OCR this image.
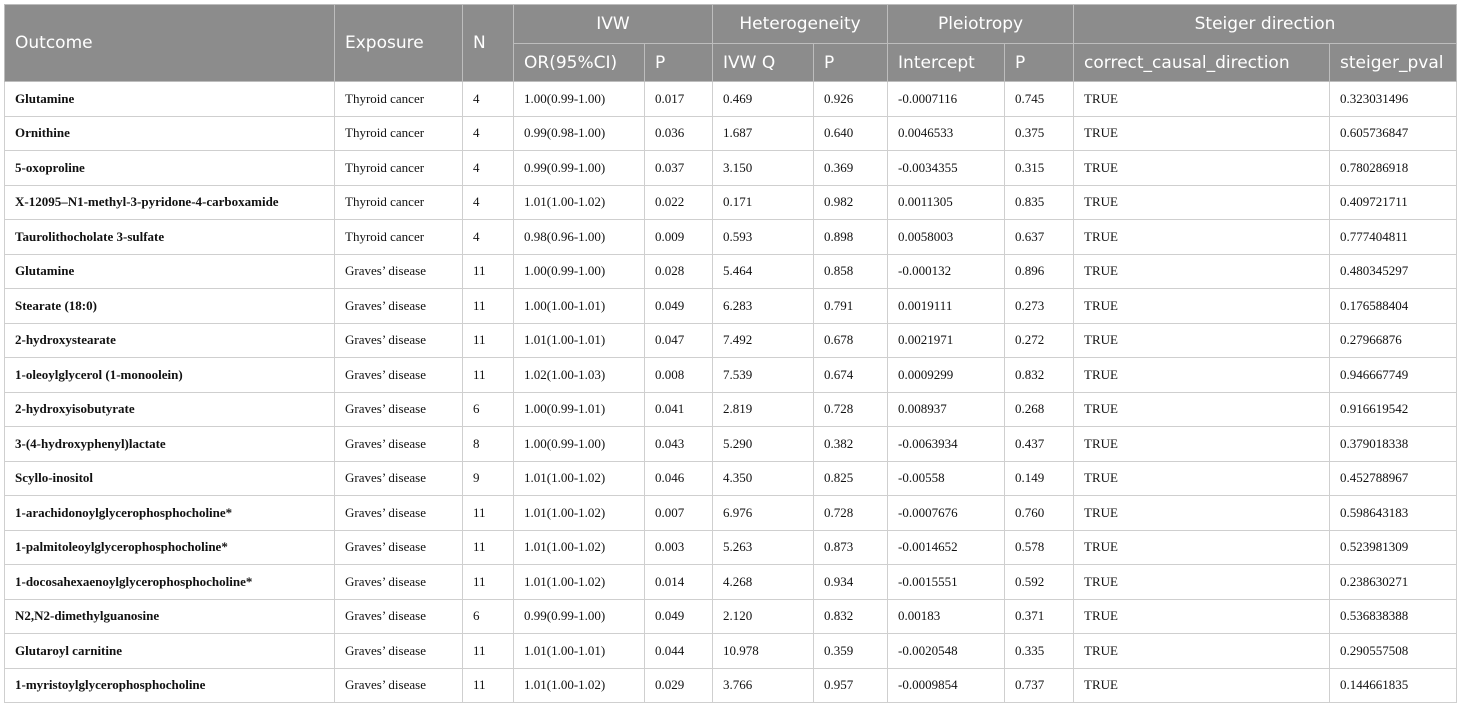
Outcome	Exposure	N	IVW		Heterogeneity		Pleiotropy		Steiger direction	
			OR(95%CI)	P	IVW Q	P	Intercept	P	correct_causal_direction	steiger_pval
Glutamine	Thyroid cancer	4	1.00(0.99-1.00)	0.017	0.469	0.926	-0.0007116	0.745	TRUE	0.323031496
Ornithine	Thyroid cancer	4	0.99(0.98-1.00)	0.036	1.687	0.640	0.0046533	0.375	TRUE	0.605736847
5-oxoproline	Thyroid cancer	4	0.99(0.99-1.00)	0.037	3.150	0.369	-0.0034355	0.315	TRUE	0.780286918
X-12095–N1-methyl-3-pyridone-4-carboxamide	Thyroid cancer	4	1.01(1.00-1.02)	0.022	0.171	0.982	0.0011305	0.835	TRUE	0.409721711
Taurolithocholate 3-sulfate	Thyroid cancer	4	0.98(0.96-1.00)	0.009	0.593	0.898	0.0058003	0.637	TRUE	0.777404811
Glutamine	Graves’ disease	11	1.00(0.99-1.00)	0.028	5.464	0.858	-0.000132	0.896	TRUE	0.480345297
Stearate (18:0)	Graves’ disease	11	1.00(1.00-1.01)	0.049	6.283	0.791	0.0019111	0.273	TRUE	0.176588404
2-hydroxystearate	Graves’ disease	11	1.01(1.00-1.01)	0.047	7.492	0.678	0.0021971	0.272	TRUE	0.27966876
1-oleoylglycerol (1-monoolein)	Graves’ disease	11	1.02(1.00-1.03)	0.008	7.539	0.674	0.0009299	0.832	TRUE	0.946667749
2-hydroxyisobutyrate	Graves’ disease	6	1.00(0.99-1.01)	0.041	2.819	0.728	0.008937	0.268	TRUE	0.916619542
3-(4-hydroxyphenyl)lactate	Graves’ disease	8	1.00(0.99-1.00)	0.043	5.290	0.382	-0.0063934	0.437	TRUE	0.379018338
Scyllo-inositol	Graves’ disease	9	1.01(1.00-1.02)	0.046	4.350	0.825	-0.00558	0.149	TRUE	0.452788967
1-arachidonoylglycerophosphocholine*	Graves’ disease	11	1.01(1.00-1.02)	0.007	6.976	0.728	-0.0007676	0.760	TRUE	0.598643183
1-palmitoleoylglycerophosphocholine*	Graves’ disease	11	1.01(1.00-1.02)	0.003	5.263	0.873	-0.0014652	0.578	TRUE	0.523981309
1-docosahexaenoylglycerophosphocholine*	Graves’ disease	11	1.01(1.00-1.02)	0.014	4.268	0.934	-0.0015551	0.592	TRUE	0.238630271
N2,N2-dimethylguanosine	Graves’ disease	6	0.99(0.99-1.00)	0.049	2.120	0.832	0.00183	0.371	TRUE	0.536838388
Glutaroyl carnitine	Graves’ disease	11	1.01(1.00-1.01)	0.044	10.978	0.359	-0.0020548	0.335	TRUE	0.290557508
1-myristoylglycerophosphocholine	Graves’ disease	11	1.01(1.00-1.02)	0.029	3.766	0.957	-0.0009854	0.737	TRUE	0.144661835
